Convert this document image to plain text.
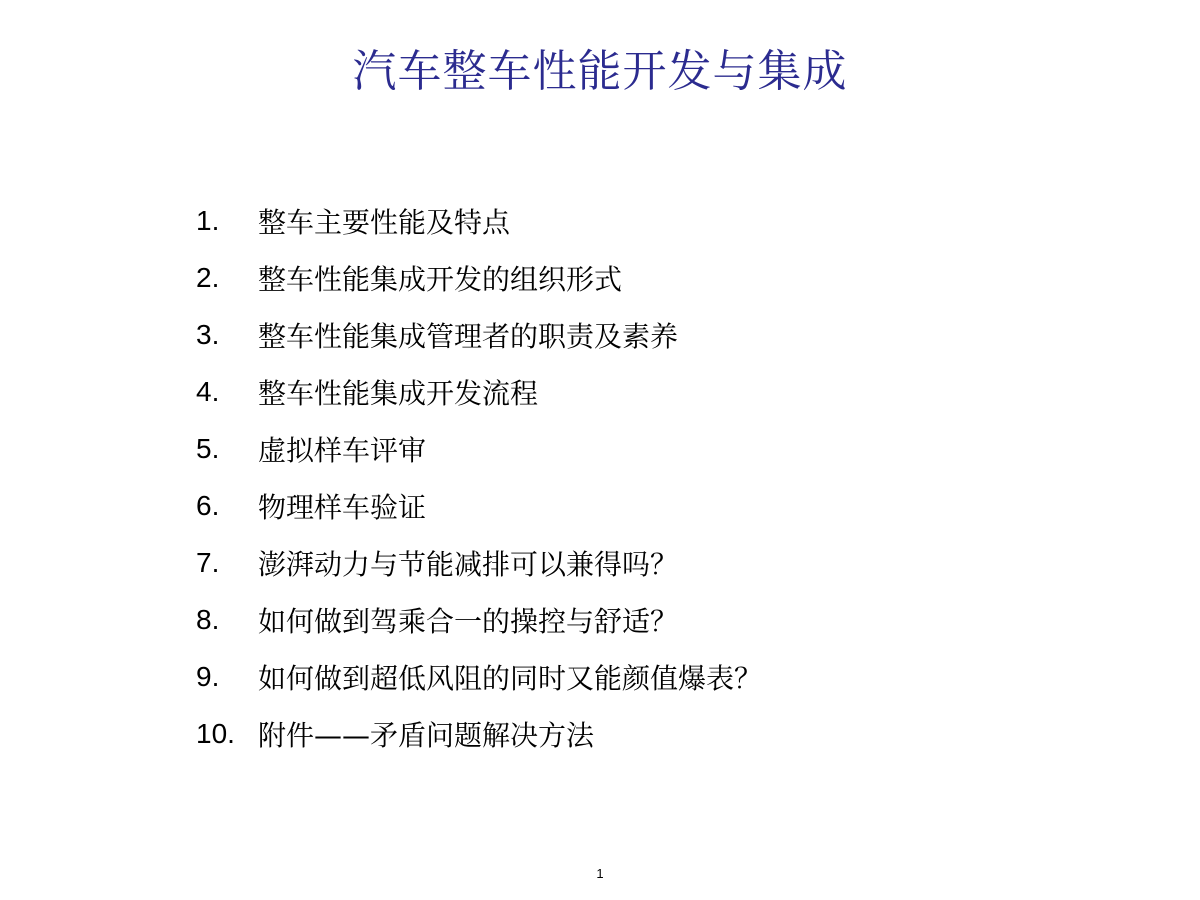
汽车整车性能开发与集成
1.	整车主要性能及特点
2.	整车性能集成开发的组织形式
3.	整车性能集成管理者的职责及素养
4.	整车性能集成开发流程
5.	虚拟样车评审
6.	物理样车验证
7.	澎湃动力与节能减排可以兼得吗？
8.	如何做到驾乘合一的操控与舒适？
9.	如何做到超低风阻的同时又能颜值爆表？
10. 附件——矛盾问题解决方法
1
